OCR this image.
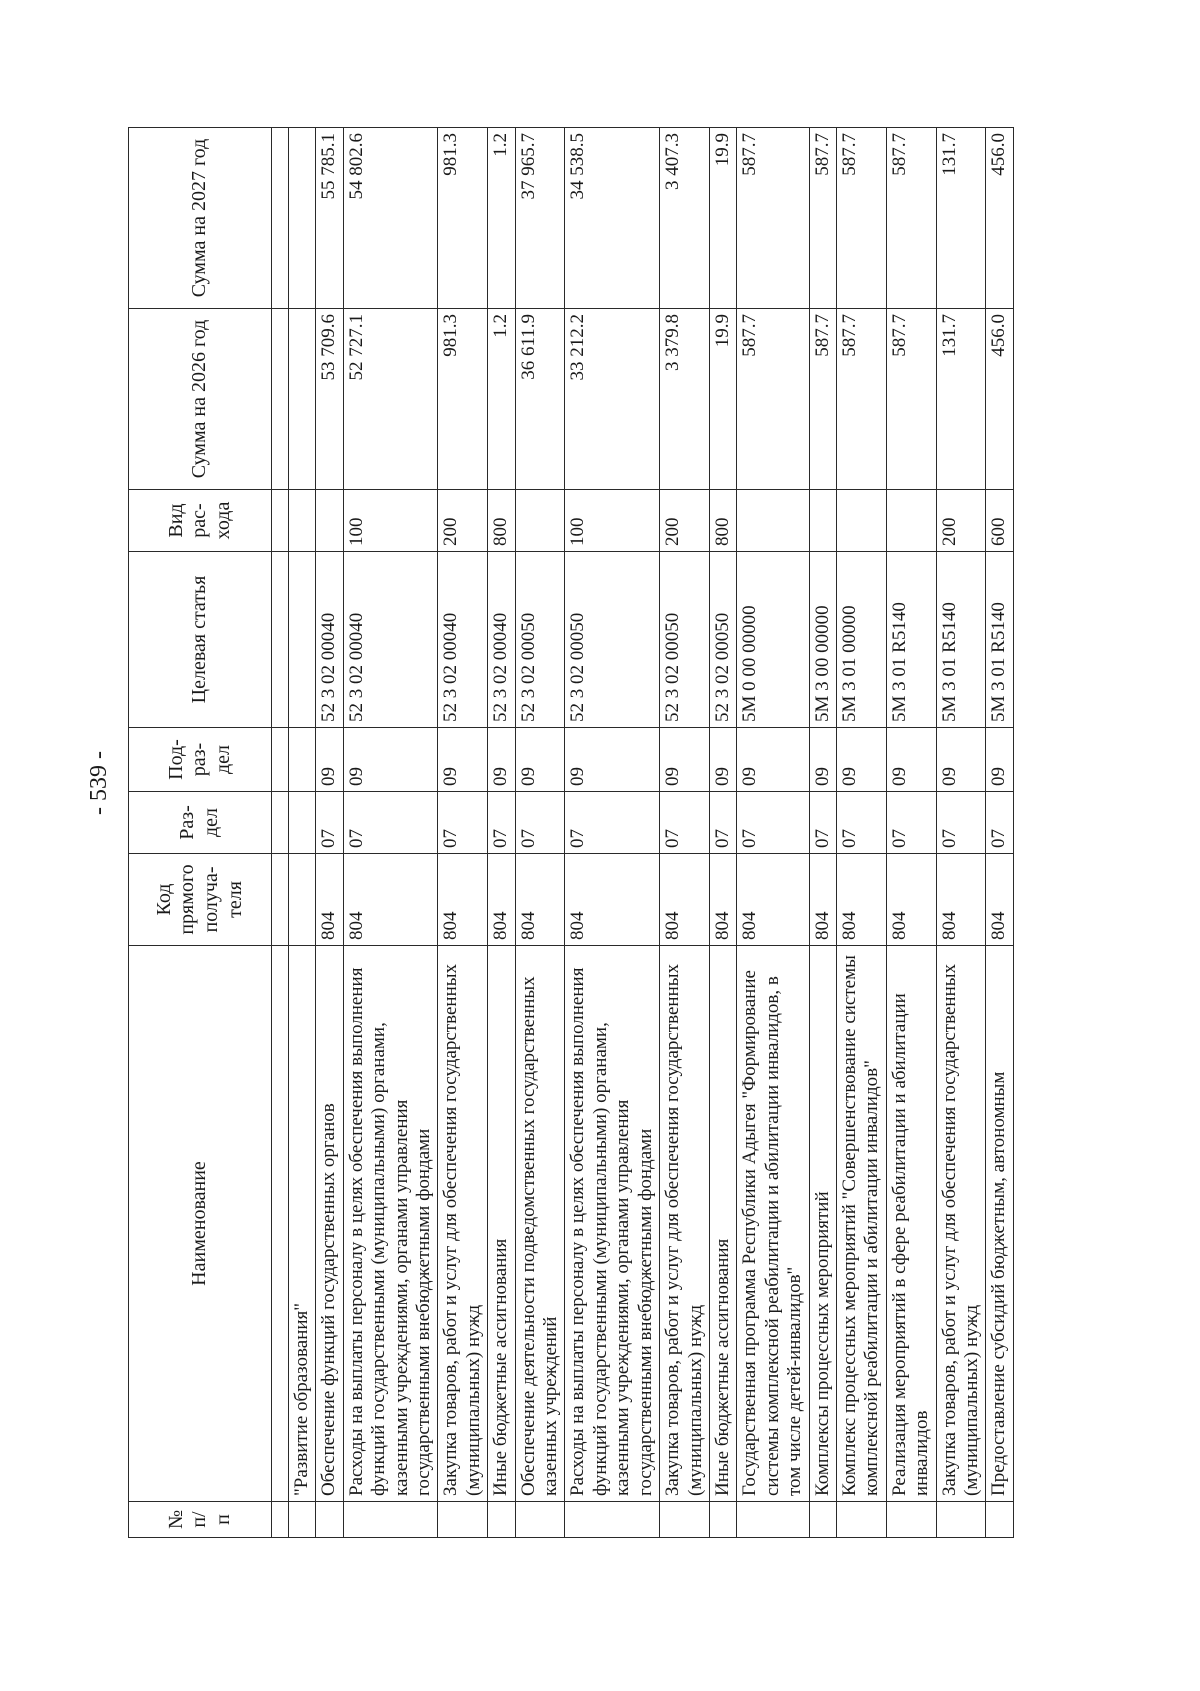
- 539 -
№ п/п	Наименование	Код прямого получа-теля	Раз-дел	Под-раз-дел	Целевая статья	Вид рас-хода	Сумма на 2026 год	Сумма на 2027 год

	"Развитие образования"							
	Обеспечение функций государственных органов	804	07	09	52 3 02 00040		53 709.6	55 785.1
	Расходы на выплаты персоналу в целях обеспечения выполнения функций государственными (муниципальными) органами, казенными учреждениями, органами управления государственными внебюджетными фондами	804	07	09	52 3 02 00040	100	52 727.1	54 802.6
	Закупка товаров, работ и услуг для обеспечения государственных (муниципальных) нужд	804	07	09	52 3 02 00040	200	981.3	981.3
	Иные бюджетные ассигнования	804	07	09	52 3 02 00040	800	1.2	1.2
	Обеспечение деятельности подведомственных государственных казенных учреждений	804	07	09	52 3 02 00050		36 611.9	37 965.7
	Расходы на выплаты персоналу в целях обеспечения выполнения функций государственными (муниципальными) органами, казенными учреждениями, органами управления государственными внебюджетными фондами	804	07	09	52 3 02 00050	100	33 212.2	34 538.5
	Закупка товаров, работ и услуг для обеспечения государственных (муниципальных) нужд	804	07	09	52 3 02 00050	200	3 379.8	3 407.3
	Иные бюджетные ассигнования	804	07	09	52 3 02 00050	800	19.9	19.9
	Государственная программа Республики Адыгея "Формирование системы комплексной реабилитации и абилитации инвалидов, в том числе детей-инвалидов"	804	07	09	5М 0 00 00000		587.7	587.7
	Комплексы процессных мероприятий	804	07	09	5М 3 00 00000		587.7	587.7
	Комплекс процессных мероприятий "Совершенствование системы комплексной реабилитации и абилитации инвалидов"	804	07	09	5М 3 01 00000		587.7	587.7
	Реализация мероприятий в сфере реабилитации и абилитации инвалидов	804	07	09	5М 3 01 R5140		587.7	587.7
	Закупка товаров, работ и услуг для обеспечения государственных (муниципальных) нужд	804	07	09	5М 3 01 R5140	200	131.7	131.7
	Предоставление субсидий бюджетным, автономным	804	07	09	5М 3 01 R5140	600	456.0	456.0
